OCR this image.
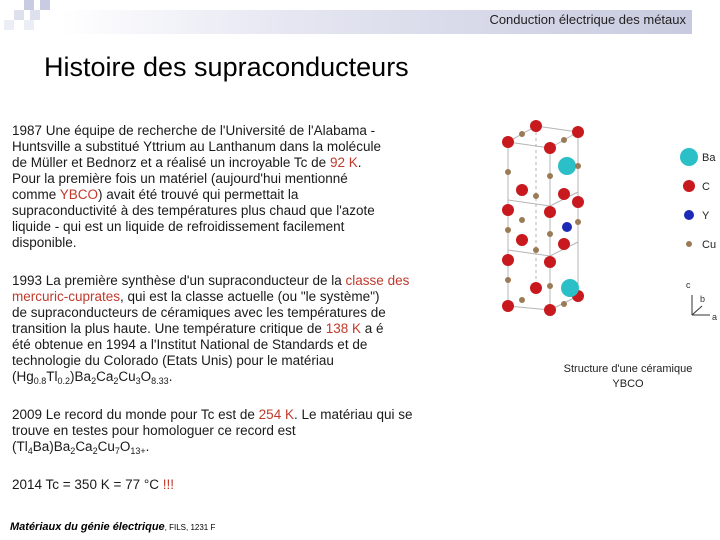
Conduction électrique des métaux
Histoire des supraconducteurs

1987 Une équipe de recherche de l'Université de l'Alabama -
Huntsville a substitué Yttrium au Lanthanum dans la molécule
de Müller et Bednorz et a réalisé un incroyable Tc de 92 K.
Pour la première fois un matériel (aujourd'hui mentionné
comme YBCO) avait été trouvé qui permettait la
supraconductivité à des températures plus chaud que l'azote
liquide - qui est un liquide de refroidissement facilement
disponible.

1993 La première synthèse d'un supraconducteur de la classe des
mercuric-cuprates, qui est la classe actuelle (ou "le système")
de supraconducteurs de céramiques avec les températures de
transition la plus haute. Une température critique de 138 K a é
été obtenue en 1994 a l'Institut National de Standards et de
technologie du Colorado (Etats Unis) pour le matériau
$(Hg_{0.8}Tl_{0.2})Ba_2Ca_2Cu_3O_{8.33}$.

2009 Le record du monde pour Tc est de 254 K. Le matériau qui se
trouve en testes pour homologuer ce record est
$(Tl_4Ba)Ba_2Ca_2Cu_7O_{13+}$.

2014 Tc = 350 K = 77 °C !!!

Ba
C
Y
Cu
c
b
a
Structure d'une céramique
YBCO
Matériaux du génie électrique, FILS, 1231 F
